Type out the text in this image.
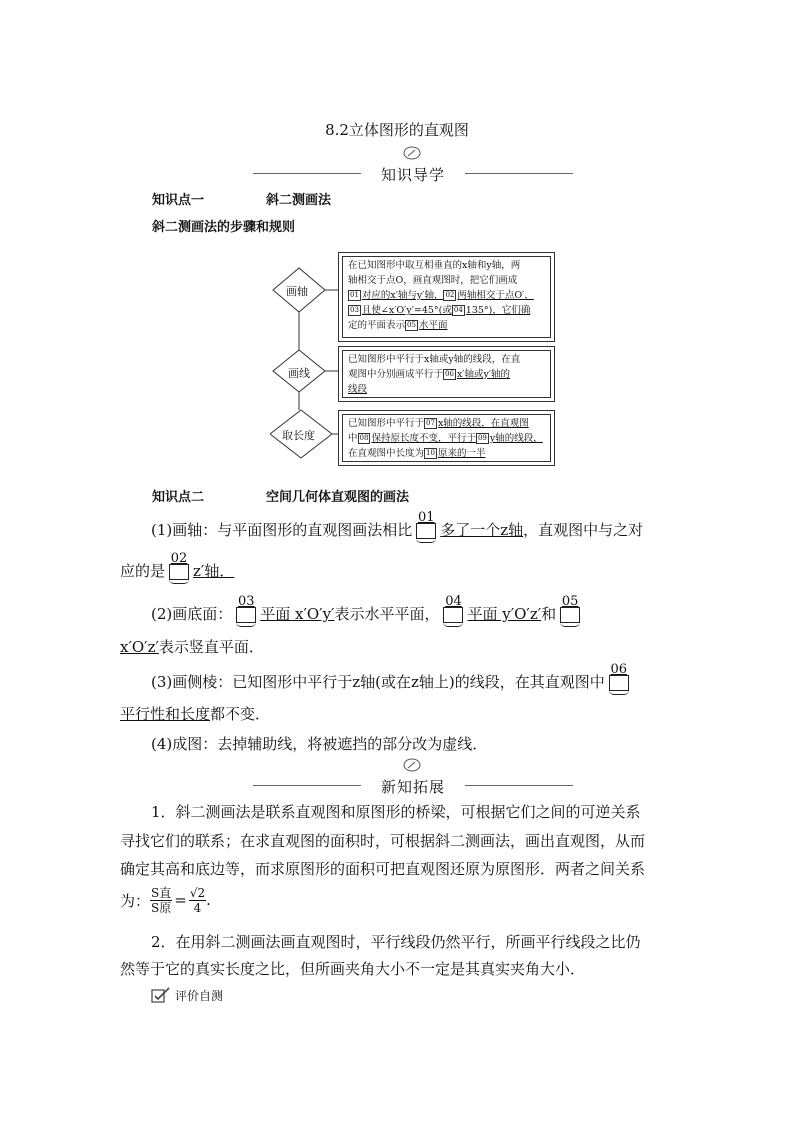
8.2立体图形的直观图
知识导学
知识点一	斜二测画法
斜二测画法的步骤和规则
画轴
画线
取长度
在已知图形中取互相垂直的x轴和y轴，两
轴相交于点O，画直观图时，把它们画成
01 对应的x′轴与y′轴， 02 两轴相交于点O′，
03 且使∠x′O′y′=45°(或 04 135°)，它们确
定的平面表示 05 水平面
已知图形中平行于x轴或y轴的线段，在直
观图中分别画成平行于 06 x′轴或y′轴的
线段
已知图形中平行于 07 x轴的线段，在直观图
中 08 保持原长度不变，平行于 09 y轴的线段，
在直观图中长度为 10 原来的一半
知识点二	空间几何体直观图的画法
(1)画轴：与平面图形的直观图画法相比
01
多了一个z轴，直观图中与之对
应的是
02
z′轴．
(2)画底面：
03
平面 x′O′y′表示水平平面，
04
平面 y′O′z′和
05
x′O′z′表示竖直平面．
(3)画侧棱：已知图形中平行于z轴(或在z轴上)的线段，在其直观图中
06
平行性和长度都不变．
(4)成图：去掉辅助线，将被遮挡的部分改为虚线．
新知拓展
1．斜二测画法是联系直观图和原图形的桥梁，可根据它们之间的可逆关系
寻找它们的联系；在求直观图的面积时，可根据斜二测画法，画出直观图，从而
确定其高和底边等，而求原图形的面积可把直观图还原为原图形．两者之间关系
为： $\frac{\text{S直}}{\text{S原}} = \frac{√2}{4}$ .
2．在用斜二测画法画直观图时，平行线段仍然平行，所画平行线段之比仍
然等于它的真实长度之比，但所画夹角大小不一定是其真实夹角大小．
评价自测
